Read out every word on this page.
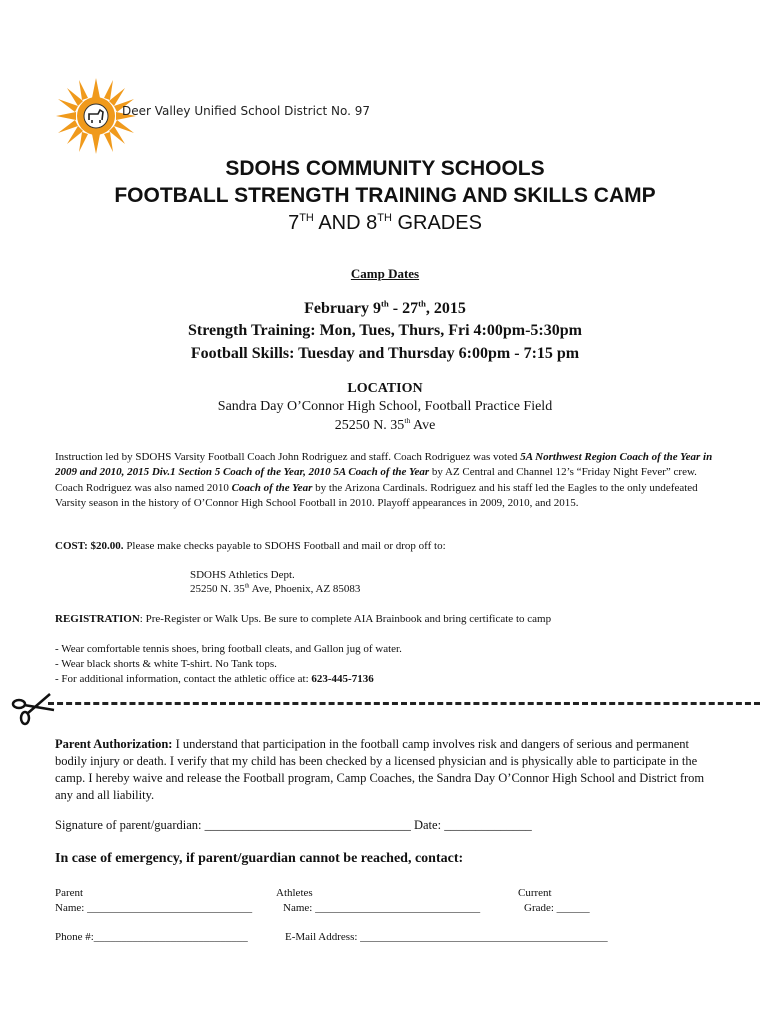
Deer Valley Unified School District No. 97
SDOHS COMMUNITY SCHOOLS
FOOTBALL STRENGTH TRAINING AND SKILLS CAMP
7TH AND 8TH GRADES
Camp Dates
February 9th - 27th, 2015
Strength Training: Mon, Tues, Thurs, Fri 4:00pm-5:30pm
Football Skills: Tuesday and Thursday 6:00pm - 7:15 pm
LOCATION
Sandra Day O’Connor High School, Football Practice Field
25250 N. 35th Ave
Instruction led by SDOHS Varsity Football Coach John Rodriguez and staff. Coach Rodriguez was voted 5A Northwest Region Coach of the Year in 2009 and 2010, 2015 Div.1 Section 5 Coach of the Year, 2010 5A Coach of the Year by AZ Central and Channel 12’s “Friday Night Fever” crew. Coach Rodriguez was also named 2010 Coach of the Year by the Arizona Cardinals. Rodriguez and his staff led the Eagles to the only undefeated Varsity season in the history of O’Connor High School Football in 2010. Playoff appearances in 2009, 2010, and 2015.
COST: $20.00. Please make checks payable to SDOHS Football and mail or drop off to:
SDOHS Athletics Dept.
25250 N. 35th Ave, Phoenix, AZ 85083
REGISTRATION: Pre-Register or Walk Ups. Be sure to complete AIA Brainbook and bring certificate to camp
- Wear comfortable tennis shoes, bring football cleats, and Gallon jug of water.
- Wear black shorts & white T-shirt. No Tank tops.
- For additional information, contact the athletic office at: 623-445-7136
Parent Authorization: I understand that participation in the football camp involves risk and dangers of serious and permanent bodily injury or death. I verify that my child has been checked by a licensed physician and is physically able to participate in the camp. I hereby waive and release the Football program, Camp Coaches, the Sandra Day O’Connor High School and District from any and all liability.
Signature of parent/guardian: _________________________________ Date: ______________
In case of emergency, if parent/guardian cannot be reached, contact:
Parent
Name: ______________________________
Athletes
Name: ______________________________
Current
Grade: ______
Phone #:____________________________	E-Mail Address: _____________________________________________
